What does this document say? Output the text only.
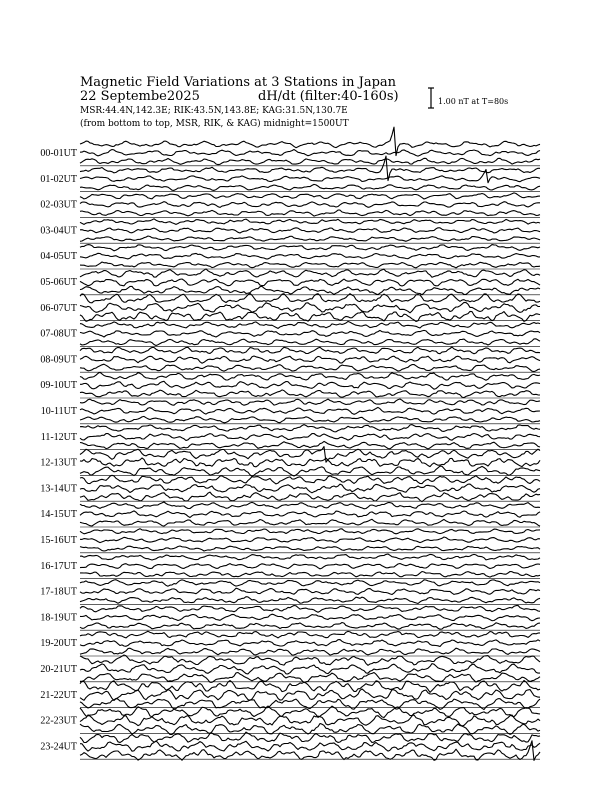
Magnetic Field Variations at 3 Stations in Japan
22 Septembe2025	dH/dt (filter:40-160s)
MSR:44.4N,142.3E; RIK:43.5N,143.8E; KAG:31.5N,130.7E
(from bottom to top, MSR, RIK, & KAG) midnight=1500UT
1.00 nT at T=80s
00-01UT
01-02UT
02-03UT
03-04UT
04-05UT
05-06UT
06-07UT
07-08UT
08-09UT
09-10UT
10-11UT
11-12UT
12-13UT
13-14UT
14-15UT
15-16UT
16-17UT
17-18UT
18-19UT
19-20UT
20-21UT
21-22UT
22-23UT
23-24UT
